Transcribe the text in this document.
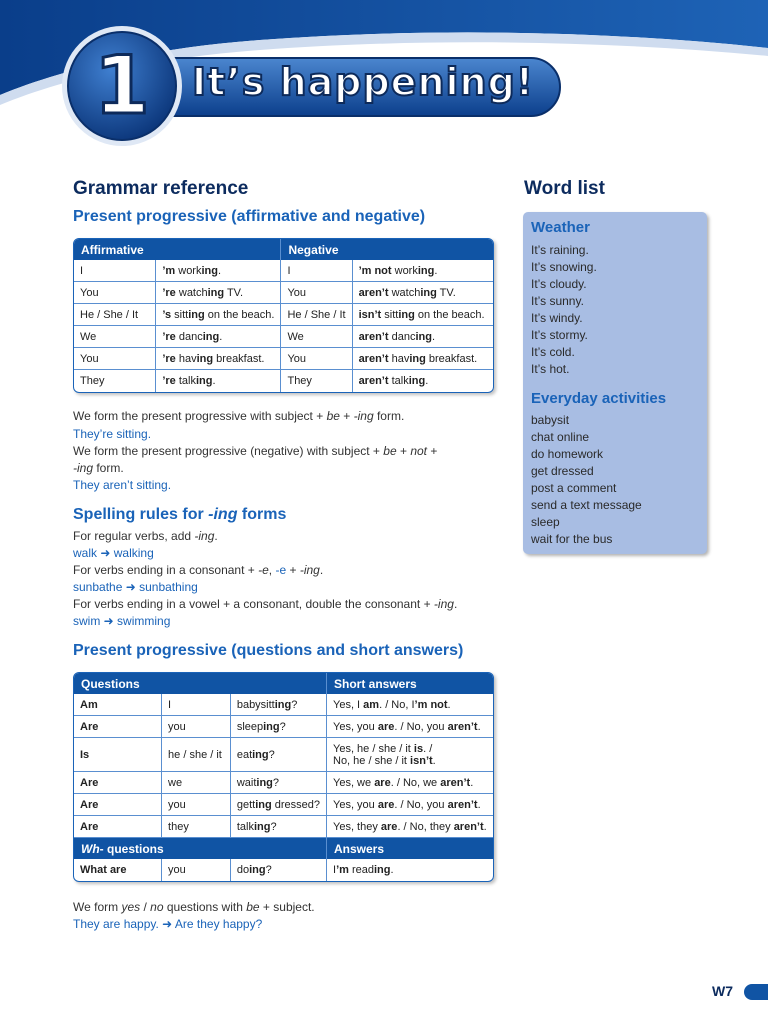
1 It’s happening!
Grammar reference
Present progressive (affirmative and negative)
Affirmative		Negative	
I	’m working.	I	’m not working.
You	’re watching TV.	You	aren’t watching TV.
He / She / It	’s sitting on the beach.	He / She / It	isn’t sitting on the beach.
We	’re dancing.	We	aren’t dancing.
You	’re having breakfast.	You	aren’t having breakfast.
They	’re talking.	They	aren’t talking.
We form the present progressive with subject + be + -ing form.
They’re sitting.
We form the present progressive (negative) with subject + be + not +
-ing form.
They aren’t sitting.
Spelling rules for -ing forms
For regular verbs, add -ing.
walk ➜ walking
For verbs ending in a consonant + -e, -e + -ing.
sunbathe ➜ sunbathing
For verbs ending in a vowel + a consonant, double the consonant + -ing.
swim ➜ swimming
Present progressive (questions and short answers)
Questions			Short answers
Am	I	babysitting?	Yes, I am. / No, I’m not.
Are	you	sleeping?	Yes, you are. / No, you aren’t.
Is	he / she / it	eating?	Yes, he / she / it is. /
No, he / she / it isn’t.
Are	we	waiting?	Yes, we are. / No, we aren’t.
Are	you	getting dressed?	Yes, you are. / No, you aren’t.
Are	they	talking?	Yes, they are. / No, they aren’t.
Wh- questions			Answers
What are	you	doing?	I’m reading.
We form yes / no questions with be + subject.
They are happy. ➜ Are they happy?
Word list
Weather
It’s raining.
It’s snowing.
It’s cloudy.
It’s sunny.
It’s windy.
It’s stormy.
It’s cold.
It’s hot.
Everyday activities
babysit
chat online
do homework
get dressed
post a comment
send a text message
sleep
wait for the bus
W7
